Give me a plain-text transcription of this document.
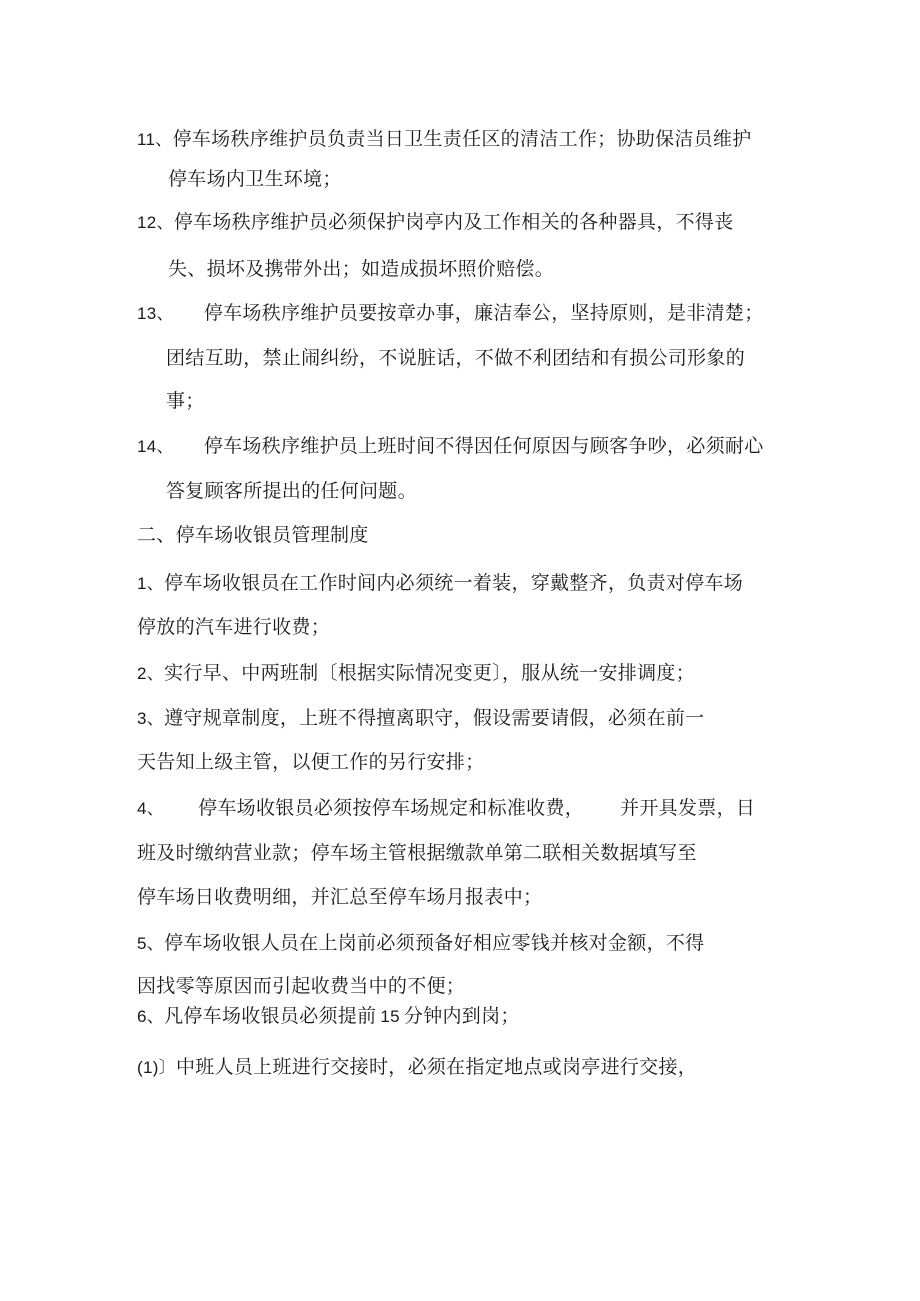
11、停车场秩序维护员负责当日卫生责任区的清洁工作；协助保洁员维护
停车场内卫生环境；
12、停车场秩序维护员必须保护岗亭内及工作相关的各种器具，不得丧
失、损坏及携带外出；如造成损坏照价赔偿。
13、 停车场秩序维护员要按章办事，廉洁奉公，坚持原则，是非清楚；
团结互助，禁止闹纠纷，不说脏话，不做不利团结和有损公司形象的
事；
14、 停车场秩序维护员上班时间不得因任何原因与顾客争吵，必须耐心
答复顾客所提出的任何问题。
二、停车场收银员管理制度
1、停车场收银员在工作时间内必须统一着装，穿戴整齐，负责对停车场
停放的汽车进行收费；
2、实行早、中两班制〔根据实际情况变更〕，服从统一安排调度；
3、遵守规章制度，上班不得擅离职守，假设需要请假，必须在前一
天告知上级主管，以便工作的另行安排；
4、 停车场收银员必须按停车场规定和标准收费， 并开具发票，日
班及时缴纳营业款；停车场主管根据缴款单第二联相关数据填写至
停车场日收费明细，并汇总至停车场月报表中；
5、停车场收银人员在上岗前必须预备好相应零钱并核对金额，不得
因找零等原因而引起收费当中的不便；
6、凡停车场收银员必须提前 15 分钟内到岗；
(1)〕中班人员上班进行交接时，必须在指定地点或岗亭进行交接，
